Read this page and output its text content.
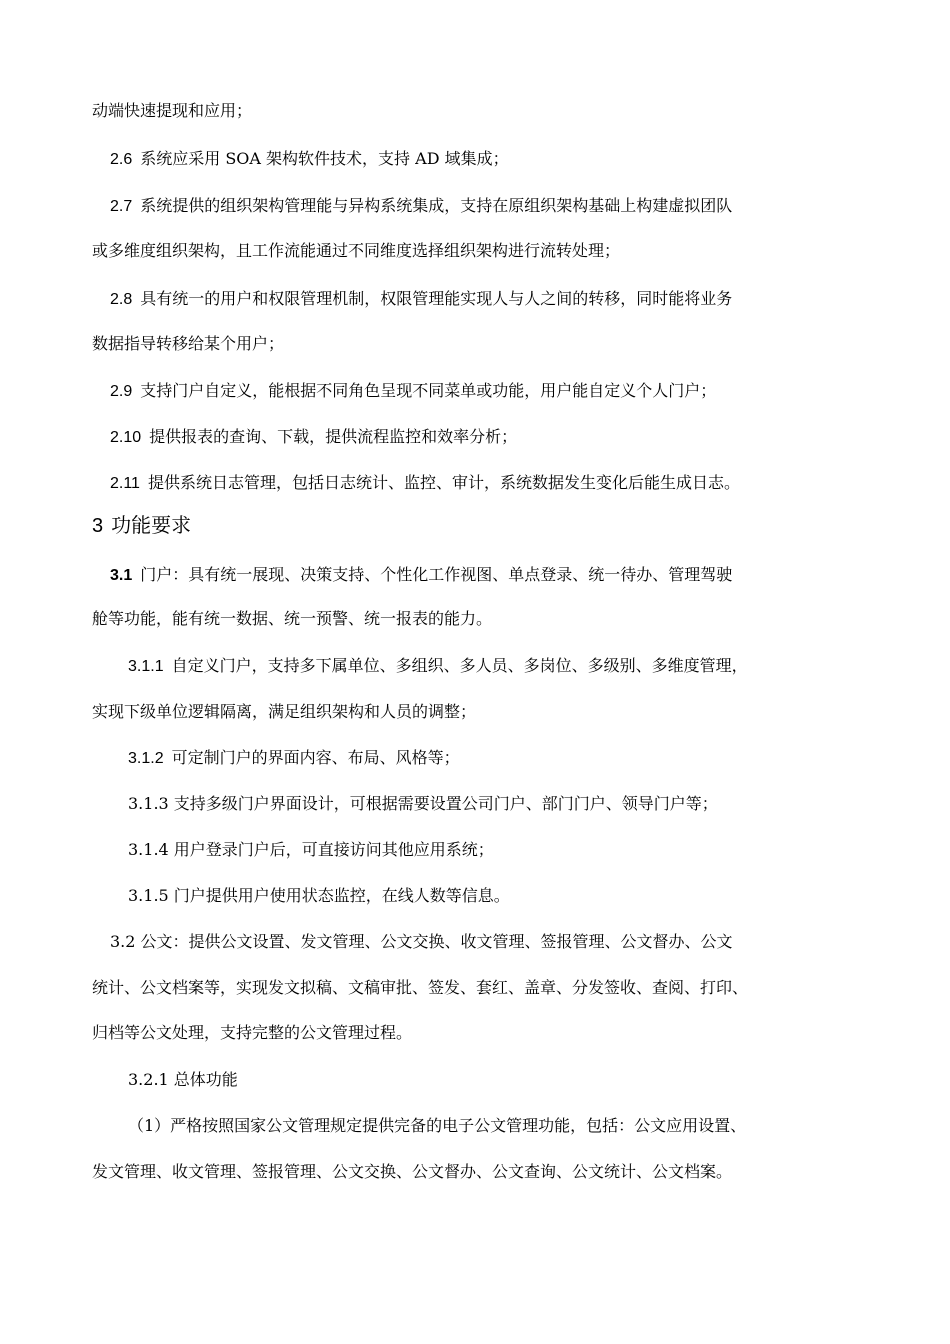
动端快速提现和应用；
2.6 系统应采用 SOA 架构软件技术，支持 AD 域集成；
2.7 系统提供的组织架构管理能与异构系统集成，支持在原组织架构基础上构建虚拟团队
或多维度组织架构，且工作流能通过不同维度选择组织架构进行流转处理；
2.8 具有统一的用户和权限管理机制，权限管理能实现人与人之间的转移，同时能将业务
数据指导转移给某个用户；
2.9 支持门户自定义，能根据不同角色呈现不同菜单或功能，用户能自定义个人门户；
2.10 提供报表的查询、下载，提供流程监控和效率分析；
2.11 提供系统日志管理，包括日志统计、监控、审计，系统数据发生变化后能生成日志。
3 功能要求
3.1 门户：具有统一展现、决策支持、个性化工作视图、单点登录、统一待办、管理驾驶
舱等功能，能有统一数据、统一预警、统一报表的能力。
3.1.1 自定义门户，支持多下属单位、多组织、多人员、多岗位、多级别、多维度管理，
实现下级单位逻辑隔离，满足组织架构和人员的调整；
3.1.2 可定制门户的界面内容、布局、风格等；
3.1.3 支持多级门户界面设计，可根据需要设置公司门户、部门门户、领导门户等；
3.1.4 用户登录门户后，可直接访问其他应用系统；
3.1.5 门户提供用户使用状态监控，在线人数等信息。
3.2 公文：提供公文设置、发文管理、公文交换、收文管理、签报管理、公文督办、公文
统计、公文档案等，实现发文拟稿、文稿审批、签发、套红、盖章、分发签收、查阅、打印、
归档等公文处理，支持完整的公文管理过程。
3.2.1 总体功能
（1）严格按照国家公文管理规定提供完备的电子公文管理功能，包括：公文应用设置、
发文管理、收文管理、签报管理、公文交换、公文督办、公文查询、公文统计、公文档案。
